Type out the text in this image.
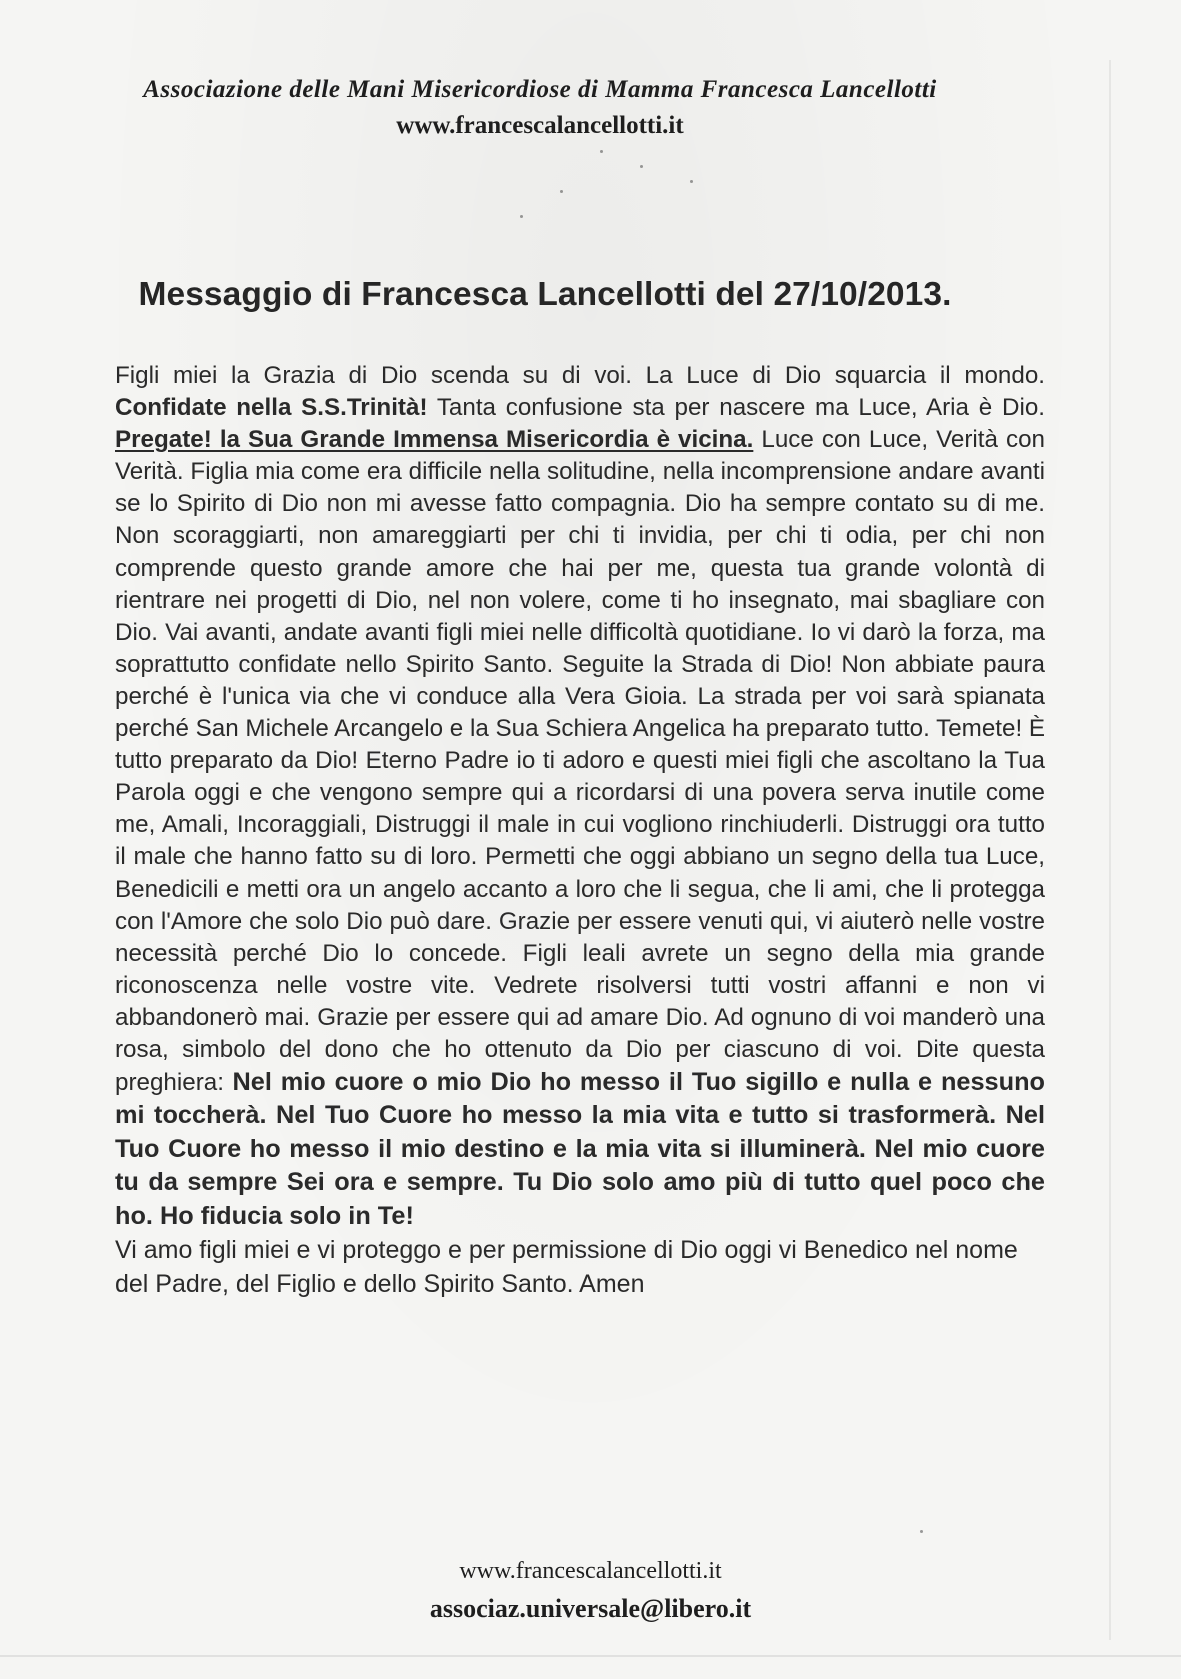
Associazione delle Mani Misericordiose di Mamma Francesca Lancellotti
www.francescalancellotti.it
Messaggio di Francesca Lancellotti del 27/10/2013.

Figli miei la Grazia di Dio scenda su di voi. La Luce di Dio squarcia il mondo. Confidate nella S.S.Trinità! Tanta confusione sta per nascere ma Luce, Aria è Dio. Pregate! la Sua Grande Immensa Misericordia è vicina. Luce con Luce, Verità con Verità. Figlia mia come era difficile nella solitudine, nella incomprensione andare avanti se lo Spirito di Dio non mi avesse fatto compagnia. Dio ha sempre contato su di me. Non scoraggiarti, non amareggiarti per chi ti invidia, per chi ti odia, per chi non comprende questo grande amore che hai per me, questa tua grande volontà di rientrare nei progetti di Dio, nel non volere, come ti ho insegnato, mai sbagliare con Dio. Vai avanti, andate avanti figli miei nelle difficoltà quotidiane. Io vi darò la forza, ma soprattutto confidate nello Spirito Santo. Seguite la Strada di Dio! Non abbiate paura perché è l'unica via che vi conduce alla Vera Gioia. La strada per voi sarà spianata perché San Michele Arcangelo e la Sua Schiera Angelica ha preparato tutto. Temete! È tutto preparato da Dio! Eterno Padre io ti adoro e questi miei figli che ascoltano la Tua Parola oggi e che vengono sempre qui a ricordarsi di una povera serva inutile come me, Amali, Incoraggiali, Distruggi il male in cui vogliono rinchiuderli. Distruggi ora tutto il male che hanno fatto su di loro. Permetti che oggi abbiano un segno della tua Luce, Benedicili e metti ora un angelo accanto a loro che li segua, che li ami, che li protegga con l'Amore che solo Dio può dare. Grazie per essere venuti qui, vi aiuterò nelle vostre necessità perché Dio lo concede. Figli leali avrete un segno della mia grande riconoscenza nelle vostre vite. Vedrete risolversi tutti vostri affanni e non vi abbandonerò mai. Grazie per essere qui ad amare Dio. Ad ognuno di voi manderò una rosa, simbolo del dono che ho ottenuto da Dio per ciascuno di voi. Dite questa preghiera: Nel mio cuore o mio Dio ho messo il Tuo sigillo e nulla e nessuno mi toccherà. Nel Tuo Cuore ho messo la mia vita e tutto si trasformerà. Nel Tuo Cuore ho messo il mio destino e la mia vita si illuminerà. Nel mio cuore tu da sempre Sei ora e sempre. Tu Dio solo amo più di tutto quel poco che ho. Ho fiducia solo in Te!

Vi amo figli miei e vi proteggo e per permissione di Dio oggi vi Benedico nel nome del Padre, del Figlio e dello Spirito Santo. Amen

www.francescalancellotti.it
associaz.universale@libero.it
